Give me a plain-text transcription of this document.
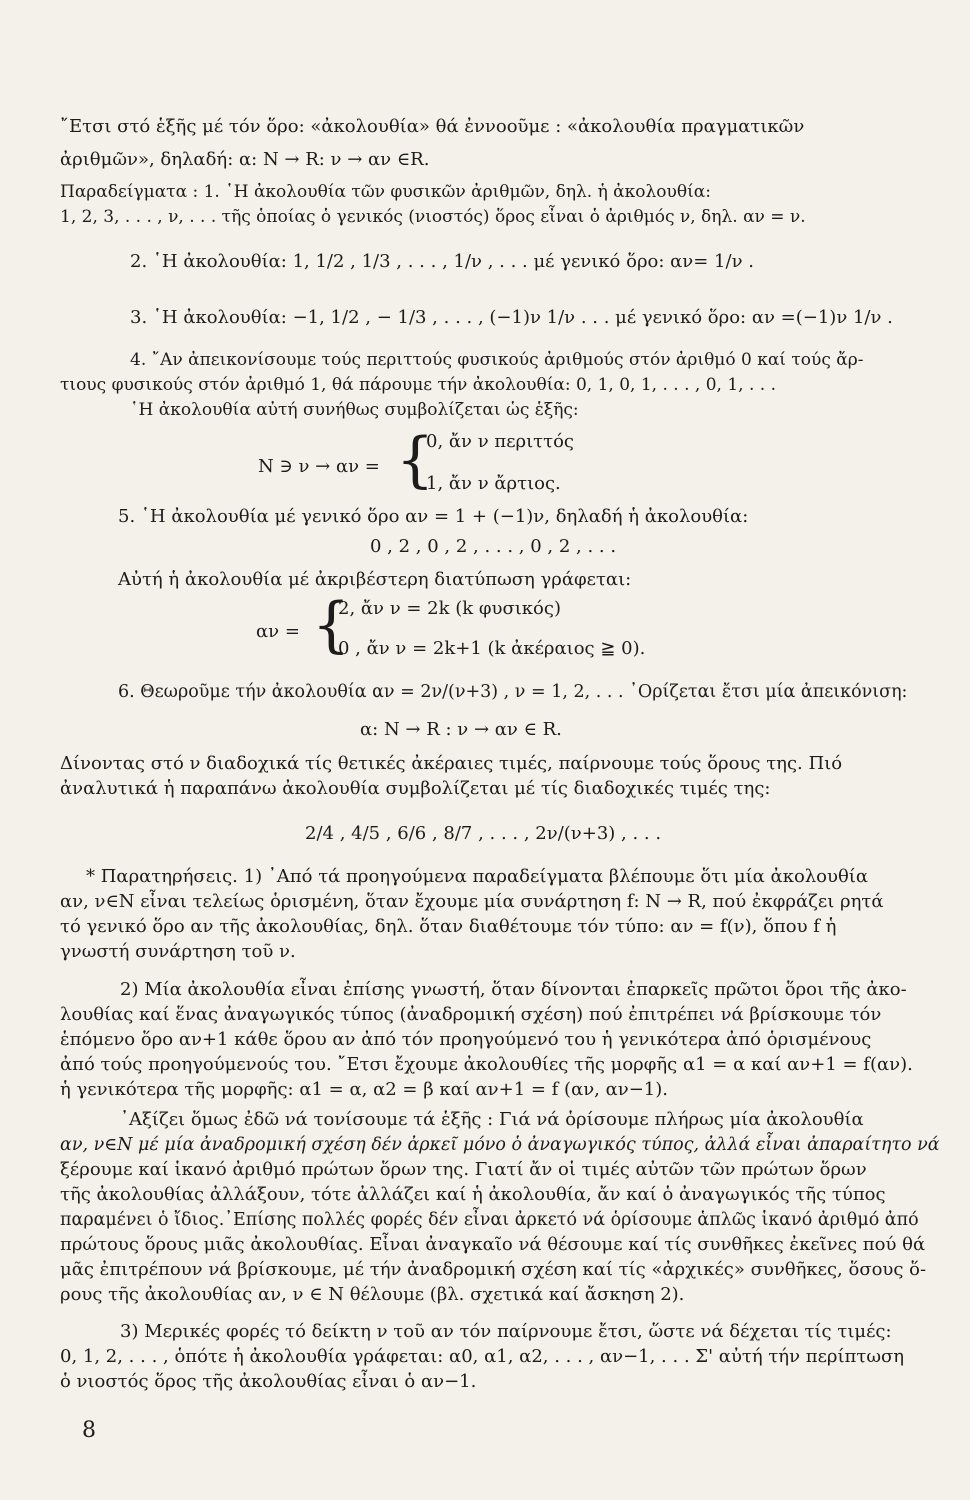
῎Ετσι στό ἑξῆς μέ τόν ὅρο: «ἀκολουθία» θά ἐννοοῦμε : «ἀκολουθία πραγματικῶν
ἀριθμῶν», δηλαδή: α: N → R: ν → αν ∈R.
Παραδείγματα : 1. ῾Η ἀκολουθία τῶν φυσικῶν ἀριθμῶν, δηλ. ἡ ἀκολουθία:
1, 2, 3, . . . , ν, . . . τῆς ὁποίας ὁ γενικός (νιοστός) ὅρος εἶναι ὁ ἀριθμός ν, δηλ. αν = ν.
2. ῾Η ἀκολουθία: 1, 1/2 , 1/3 , . . . , 1/ν , . . . μέ γενικό ὅρο: αν= 1/ν .
3. ῾Η ἀκολουθία: −1, 1/2 , − 1/3 , . . . , (−1)ν 1/ν . . . μέ γενικό ὅρο: αν =(−1)ν 1/ν .
4. ῎Αν ἀπεικονίσουμε τούς περιττούς φυσικούς ἀριθμούς στόν ἀριθμό 0 καί τούς ἄρ-
τιους φυσικούς στόν ἀριθμό 1, θά πάρουμε τήν ἀκολουθία: 0, 1, 0, 1, . . . , 0, 1, . . .
῾Η ἀκολουθία αὐτή συνήθως συμβολίζεται ὡς ἑξῆς:
N ∋ ν → αν = {
0, ἄν ν περιττός
1, ἄν ν ἄρτιος.
5. ῾Η ἀκολουθία μέ γενικό ὅρο αν = 1 + (−1)ν, δηλαδή ἡ ἀκολουθία:
0 , 2 , 0 , 2 , . . . , 0 , 2 , . . .
Αὐτή ἡ ἀκολουθία μέ ἀκριβέστερη διατύπωση γράφεται:
αν = {
2, ἄν ν = 2k (k φυσικός)
0 , ἄν ν = 2k+1 (k ἀκέραιος ≧ 0).
6. Θεωροῦμε τήν ἀκολουθία αν = 2ν/(ν+3) , ν = 1, 2, . . . ᾿Ορίζεται ἔτσι μία ἀπεικόνιση:
α: N → R : ν → αν ∈ R.
Δίνοντας στό ν διαδοχικά τίς θετικές ἀκέραιες τιμές, παίρνουμε τούς ὅρους της. Πιό
ἀναλυτικά ἡ παραπάνω ἀκολουθία συμβολίζεται μέ τίς διαδοχικές τιμές της:
2/4 , 4/5 , 6/6 , 8/7 , . . . , 2ν/(ν+3) , . . .
* Παρατηρήσεις. 1) ᾿Από τά προηγούμενα παραδείγματα βλέπουμε ὅτι μία ἀκολουθία
αν, ν∈N εἶναι τελείως ὁρισμένη, ὅταν ἔχουμε μία συνάρτηση f: N → R, πού ἐκφράζει ρητά
τό γενικό ὅρο αν τῆς ἀκολουθίας, δηλ. ὅταν διαθέτουμε τόν τύπο: αν = f(ν), ὅπου f ἡ
γνωστή συνάρτηση τοῦ ν.
2) Μία ἀκολουθία εἶναι ἐπίσης γνωστή, ὅταν δίνονται ἐπαρκεῖς πρῶτοι ὅροι τῆς ἀκο-
λουθίας καί ἕνας ἀναγωγικός τύπος (ἀναδρομική σχέση) πού ἐπιτρέπει νά βρίσκουμε τόν
ἑπόμενο ὅρο αν+1 κάθε ὅρου αν ἀπό τόν προηγούμενό του ἡ γενικότερα ἀπό ὁρισμένους
ἀπό τούς προηγούμενούς του. ῎Ετσι ἔχουμε ἀκολουθίες τῆς μορφῆς α1 = α καί αν+1 = f(αν).
ἡ γενικότερα τῆς μορφῆς: α1 = α, α2 = β καί αν+1 = f (αν, αν−1).
᾿Αξίζει ὅμως ἐδῶ νά τονίσουμε τά ἑξῆς : Γιά νά ὁρίσουμε πλήρως μία ἀκολουθία
αν, ν∈N μέ μία ἀναδρομική σχέση δέν ἀρκεῖ μόνο ὁ ἀναγωγικός τύπος, ἀλλά εἶναι ἀπαραίτητο νά
ξέρουμε καί ἱκανό ἀριθμό πρώτων ὅρων της. Γιατί ἄν οἱ τιμές αὐτῶν τῶν πρώτων ὅρων
τῆς ἀκολουθίας ἀλλάξουν, τότε ἀλλάζει καί ἡ ἀκολουθία, ἄν καί ὁ ἀναγωγικός τῆς τύπος
παραμένει ὁ ἴδιος.᾿Επίσης πολλές φορές δέν εἶναι ἀρκετό νά ὁρίσουμε ἁπλῶς ἱκανό ἀριθμό ἀπό
πρώτους ὅρους μιᾶς ἀκολουθίας. Εἶναι ἀναγκαῖο νά θέσουμε καί τίς συνθῆκες ἐκεῖνες πού θά
μᾶς ἐπιτρέπουν νά βρίσκουμε, μέ τήν ἀναδρομική σχέση καί τίς «ἀρχικές» συνθῆκες, ὅσους ὅ-
ρους τῆς ἀκολουθίας αν, ν ∈ N θέλουμε (βλ. σχετικά καί ἄσκηση 2).
3) Μερικές φορές τό δείκτη ν τοῦ αν τόν παίρνουμε ἔτσι, ὥστε νά δέχεται τίς τιμές:
0, 1, 2, . . . , ὁπότε ἡ ἀκολουθία γράφεται: α0, α1, α2, . . . , αν−1, . . . Σ' αὐτή τήν περίπτωση
ὁ νιοστός ὅρος τῆς ἀκολουθίας εἶναι ὁ αν−1.
8
